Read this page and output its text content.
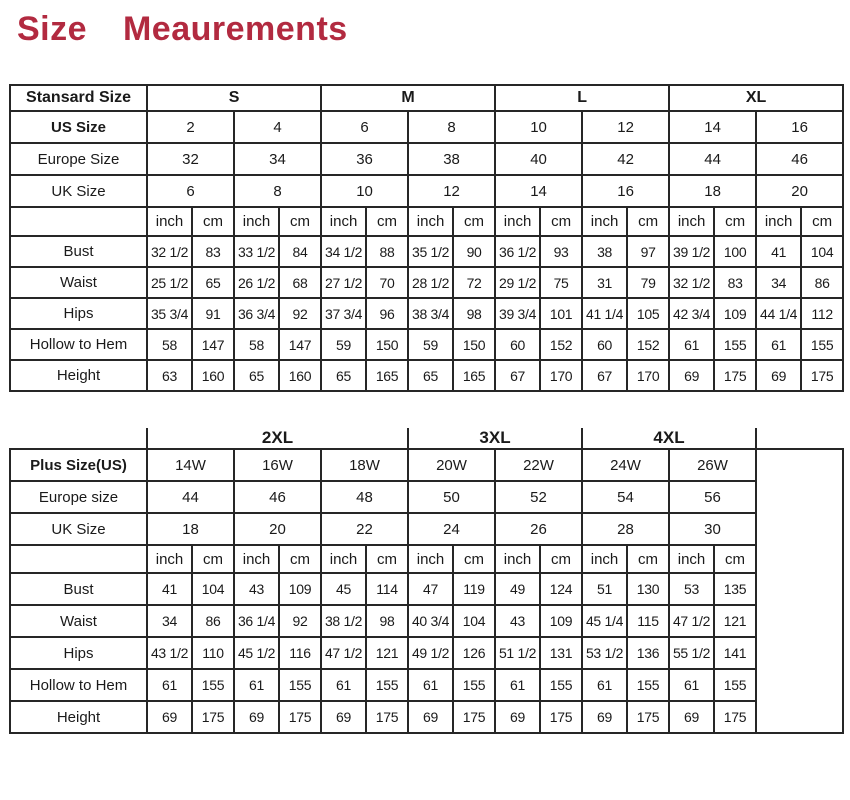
Size Meaurements
Stansard Size	S				M				L				XL			
US Size	2		4		6		8		10		12		14		16	
Europe Size	32		34		36		38		40		42		44		46	
UK Size	6		8		10		12		14		16		18		20	
	inch	cm	inch	cm	inch	cm	inch	cm	inch	cm	inch	cm	inch	cm	inch	cm
Bust	32 1/2	83	33 1/2	84	34 1/2	88	35 1/2	90	36 1/2	93	38	97	39 1/2	100	41	104
Waist	25 1/2	65	26 1/2	68	27 1/2	70	28 1/2	72	29 1/2	75	31	79	32 1/2	83	34	86
Hips	35 3/4	91	36 3/4	92	37 3/4	96	38 3/4	98	39 3/4	101	41 1/4	105	42 3/4	109	44 1/4	112
Hollow to Hem	58	147	58	147	59	150	59	150	60	152	60	152	61	155	61	155
Height	63	160	65	160	65	165	65	165	67	170	67	170	69	175	69	175
	2XL						3XL				4XL				
Plus Size(US)	14W		16W		18W		20W		22W		24W		26W		
Europe size	44		46		48		50		52		54		56		
UK Size	18		20		22		24		26		28		30		
	inch	cm	inch	cm	inch	cm	inch	cm	inch	cm	inch	cm	inch	cm	
Bust	41	104	43	109	45	114	47	119	49	124	51	130	53	135	
Waist	34	86	36 1/4	92	38 1/2	98	40 3/4	104	43	109	45 1/4	115	47 1/2	121	
Hips	43 1/2	110	45 1/2	116	47 1/2	121	49 1/2	126	51 1/2	131	53 1/2	136	55 1/2	141	
Hollow to Hem	61	155	61	155	61	155	61	155	61	155	61	155	61	155	
Height	69	175	69	175	69	175	69	175	69	175	69	175	69	175	
